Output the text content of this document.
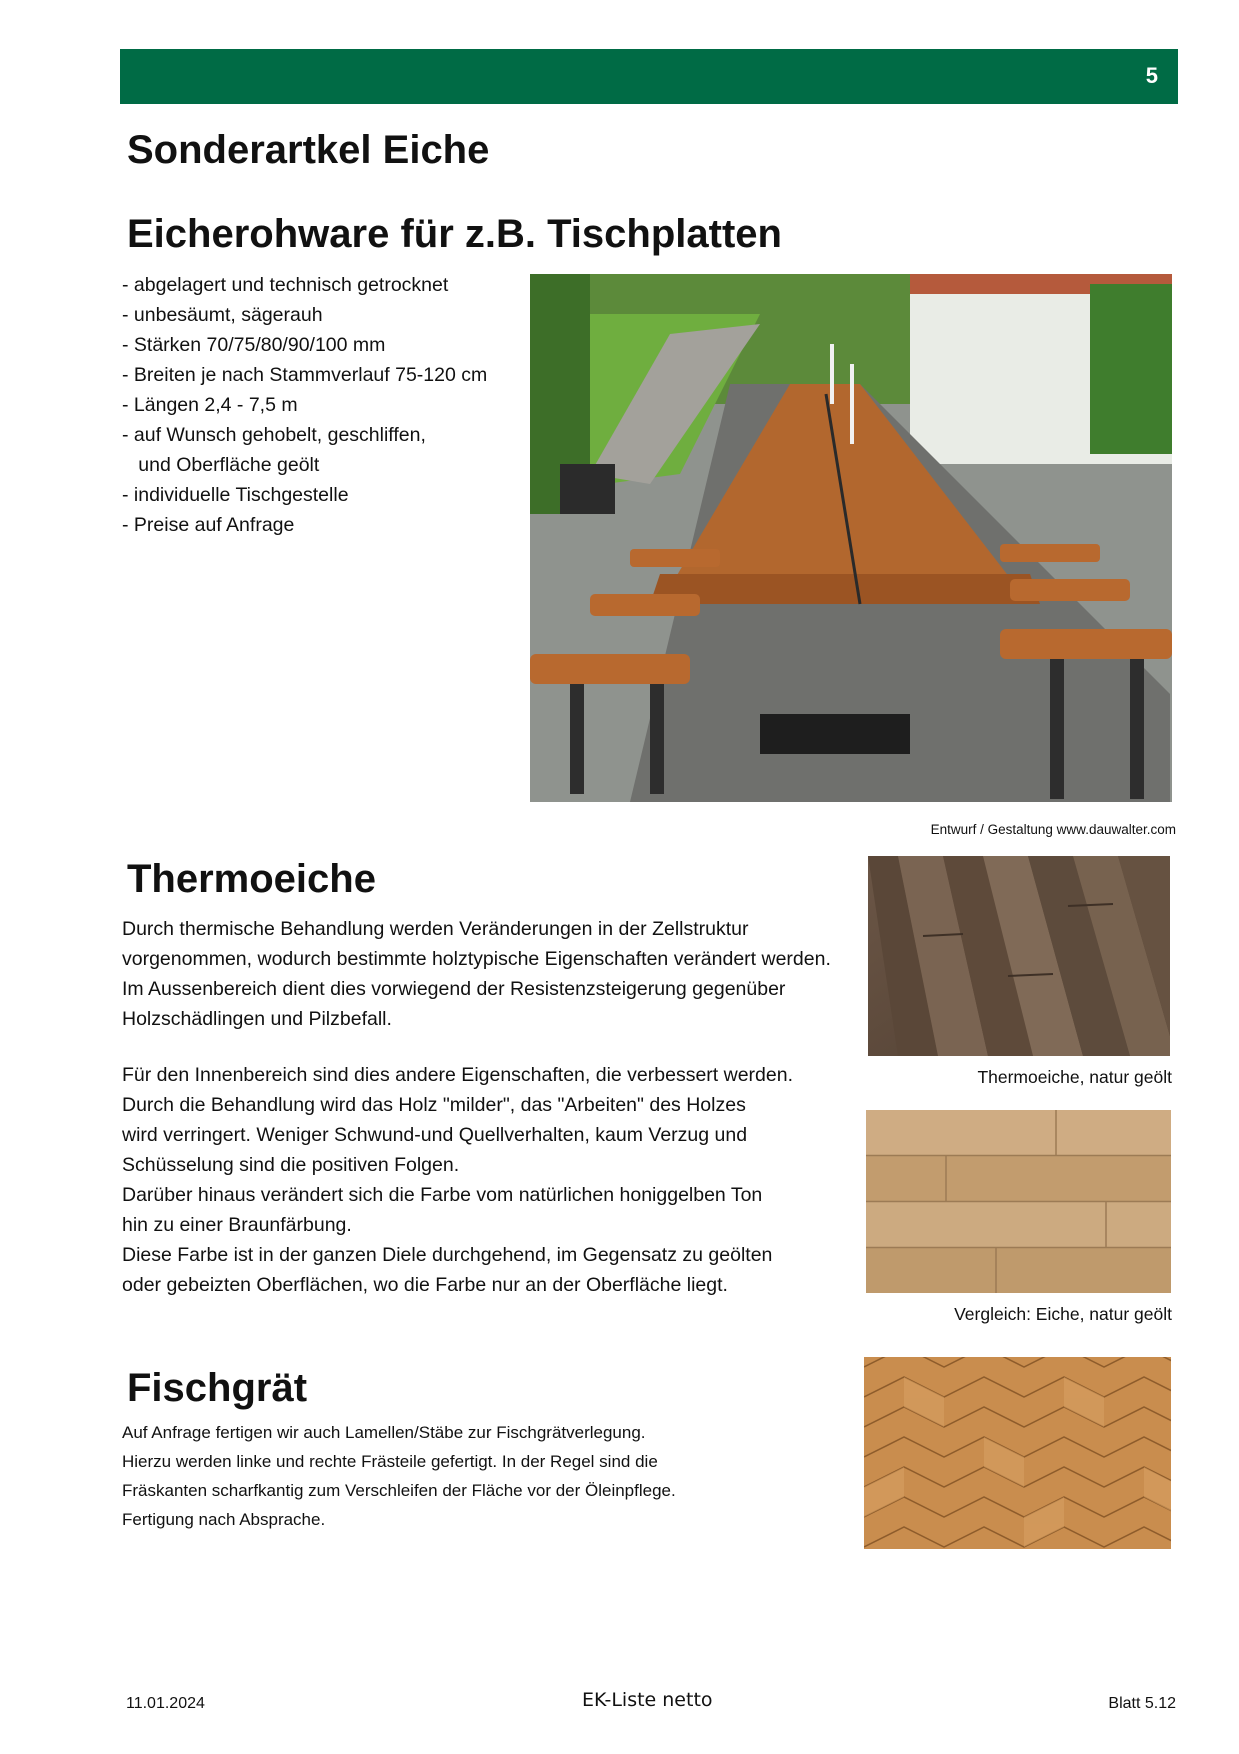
5
Sonderartkel Eiche
Eicherohware für z.B. Tischplatten
- abgelagert und technisch getrocknet
- unbesäumt, sägerauh
- Stärken 70/75/80/90/100 mm
- Breiten je nach Stammverlauf 75-120 cm
- Längen 2,4 - 7,5 m
- auf Wunsch gehobelt, geschliffen,
und Oberfläche geölt
- individuelle Tischgestelle
- Preise auf Anfrage
Entwurf / Gestaltung www.dauwalter.com
Thermoeiche

Durch thermische Behandlung werden Veränderungen in der Zellstruktur vorgenommen, wodurch bestimmte holztypische Eigenschaften verändert werden. Im Aussenbereich dient dies vorwiegend der Resistenzsteigerung gegenüber Holzschädlingen und Pilzbefall.

Für den Innenbereich sind dies andere Eigenschaften, die verbessert werden.
Durch die Behandlung wird das Holz "milder", das "Arbeiten" des Holzes
wird verringert. Weniger Schwund-und Quellverhalten, kaum Verzug und
Schüsselung sind die positiven Folgen.
Darüber hinaus verändert sich die Farbe vom natürlichen honiggelben Ton
hin zu einer Braunfärbung.
Diese Farbe ist in der ganzen Diele durchgehend, im Gegensatz zu geölten
oder gebeizten Oberflächen, wo die Farbe nur an der Oberfläche liegt.

Thermoeiche, natur geölt
Vergleich: Eiche, natur geölt
Fischgrät

Auf Anfrage fertigen wir auch Lamellen/Stäbe zur Fischgrätverlegung.
Hierzu werden linke und rechte Frästeile gefertigt. In der Regel sind die
Fräskanten scharfkantig zum Verschleifen der Fläche vor der Öleinpflege.
Fertigung nach Absprache.

11.01.2024	EK-Liste netto	Blatt 5.12
